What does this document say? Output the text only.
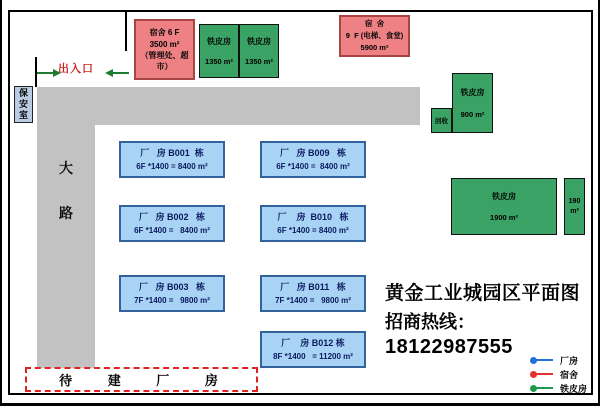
大
路
出入口
保安室
宿舍 6 F
3500 m²
（管理处、超市）
宿  舍
9  F (电梯、食堂)
5900 m²
铁皮房
1350 m²
铁皮房
1350 m²
铁皮房
900 m²
回收
铁皮房
1900 m²
190
m²
厂   房 B001  栋
6F *1400 = 8400 m²
厂   房 B009   栋
6F *1400 =  8400 m²
厂   房 B002   栋
6F *1400 =   8400 m²
厂    房  B010   栋
6F *1400 = 8400 m²
厂   房 B003   栋
7F *1400 =   9800 m²
厂   房 B011   栋
7F *1400 =   9800 m²
厂    房 B012 栋
8F *1400   = 11200 m²
黄金工业城园区平面图
招商热线：18122987555
待 建 厂 房
厂房
宿舍
铁皮房
